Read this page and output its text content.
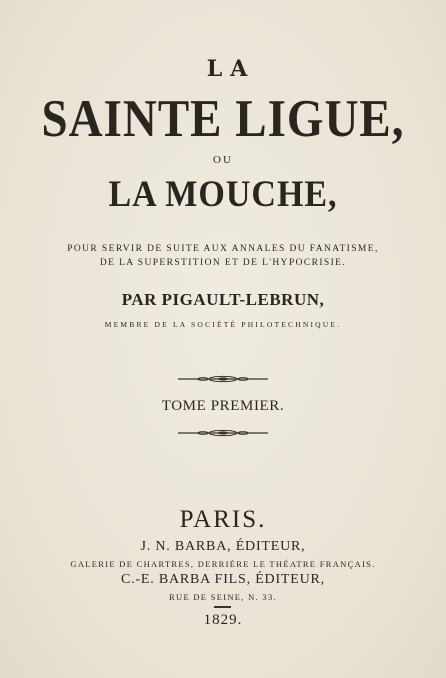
LA
SAINTE LIGUE,
OU
LA MOUCHE,
POUR SERVIR DE SUITE AUX ANNALES DU FANATISME,
DE LA SUPERSTITION ET DE L'HYPOCRISIE.
PAR PIGAULT-LEBRUN,
MEMBRE DE LA SOCIÉTÉ PHILOTECHNIQUE.
TOME PREMIER.
PARIS.
J. N. BARBA, ÉDITEUR,
GALERIE DE CHARTRES, DERRIÈRE LE THÉATRE FRANÇAIS.
C.-E. BARBA FILS, ÉDITEUR,
RUE DE SEINE, N. 33.
1829.
